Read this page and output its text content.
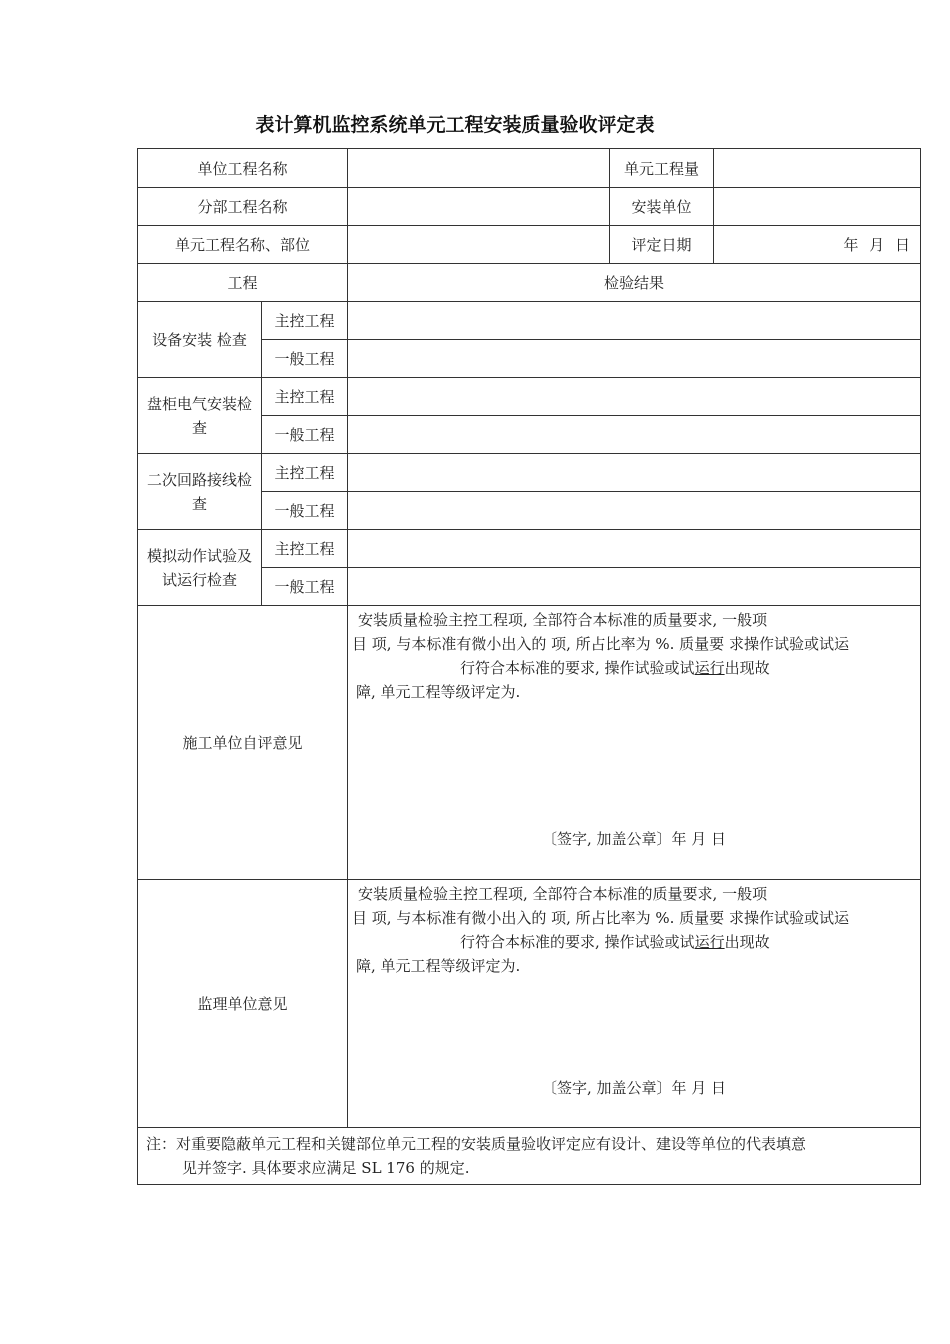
表计算机监控系统单元工程安装质量验收评定表
单位工程名称			单元工程量	
分部工程名称			安装单位	
单元工程名称、部位			评定日期	年 月 日
工程		检验结果		
设备安装 检查	主控工程			
	一般工程			
盘柜电气安装检查	主控工程			
	一般工程			
二次回路接线检查	主控工程			
	一般工程			
模拟动作试验及试运行检查	主控工程			
	一般工程			
施工单位自评意见		安装质量检验主控工程项, 全部符合本标准的质量要求, 一般项
目 项, 与本标准有微小出入的 项, 所占比率为 %. 质量要 求操作试验或试运
行符合本标准的要求, 操作试验或试运行出现故
障, 单元工程等级评定为.
〔签字, 加盖公章〕年 月 日		

监理单位意见		安装质量检验主控工程项, 全部符合本标准的质量要求, 一般项
目 项, 与本标准有微小出入的 项, 所占比率为 %. 质量要 求操作试验或试运
行符合本标准的要求, 操作试验或试运行出现故
障, 单元工程等级评定为.
〔签字, 加盖公章〕年 月 日		

注：对重要隐蔽单元工程和关键部位单元工程的安装质量验收评定应有设计、建设等单位的代表填意
见并签字. 具体要求应满足 SL 176 的规定.				
